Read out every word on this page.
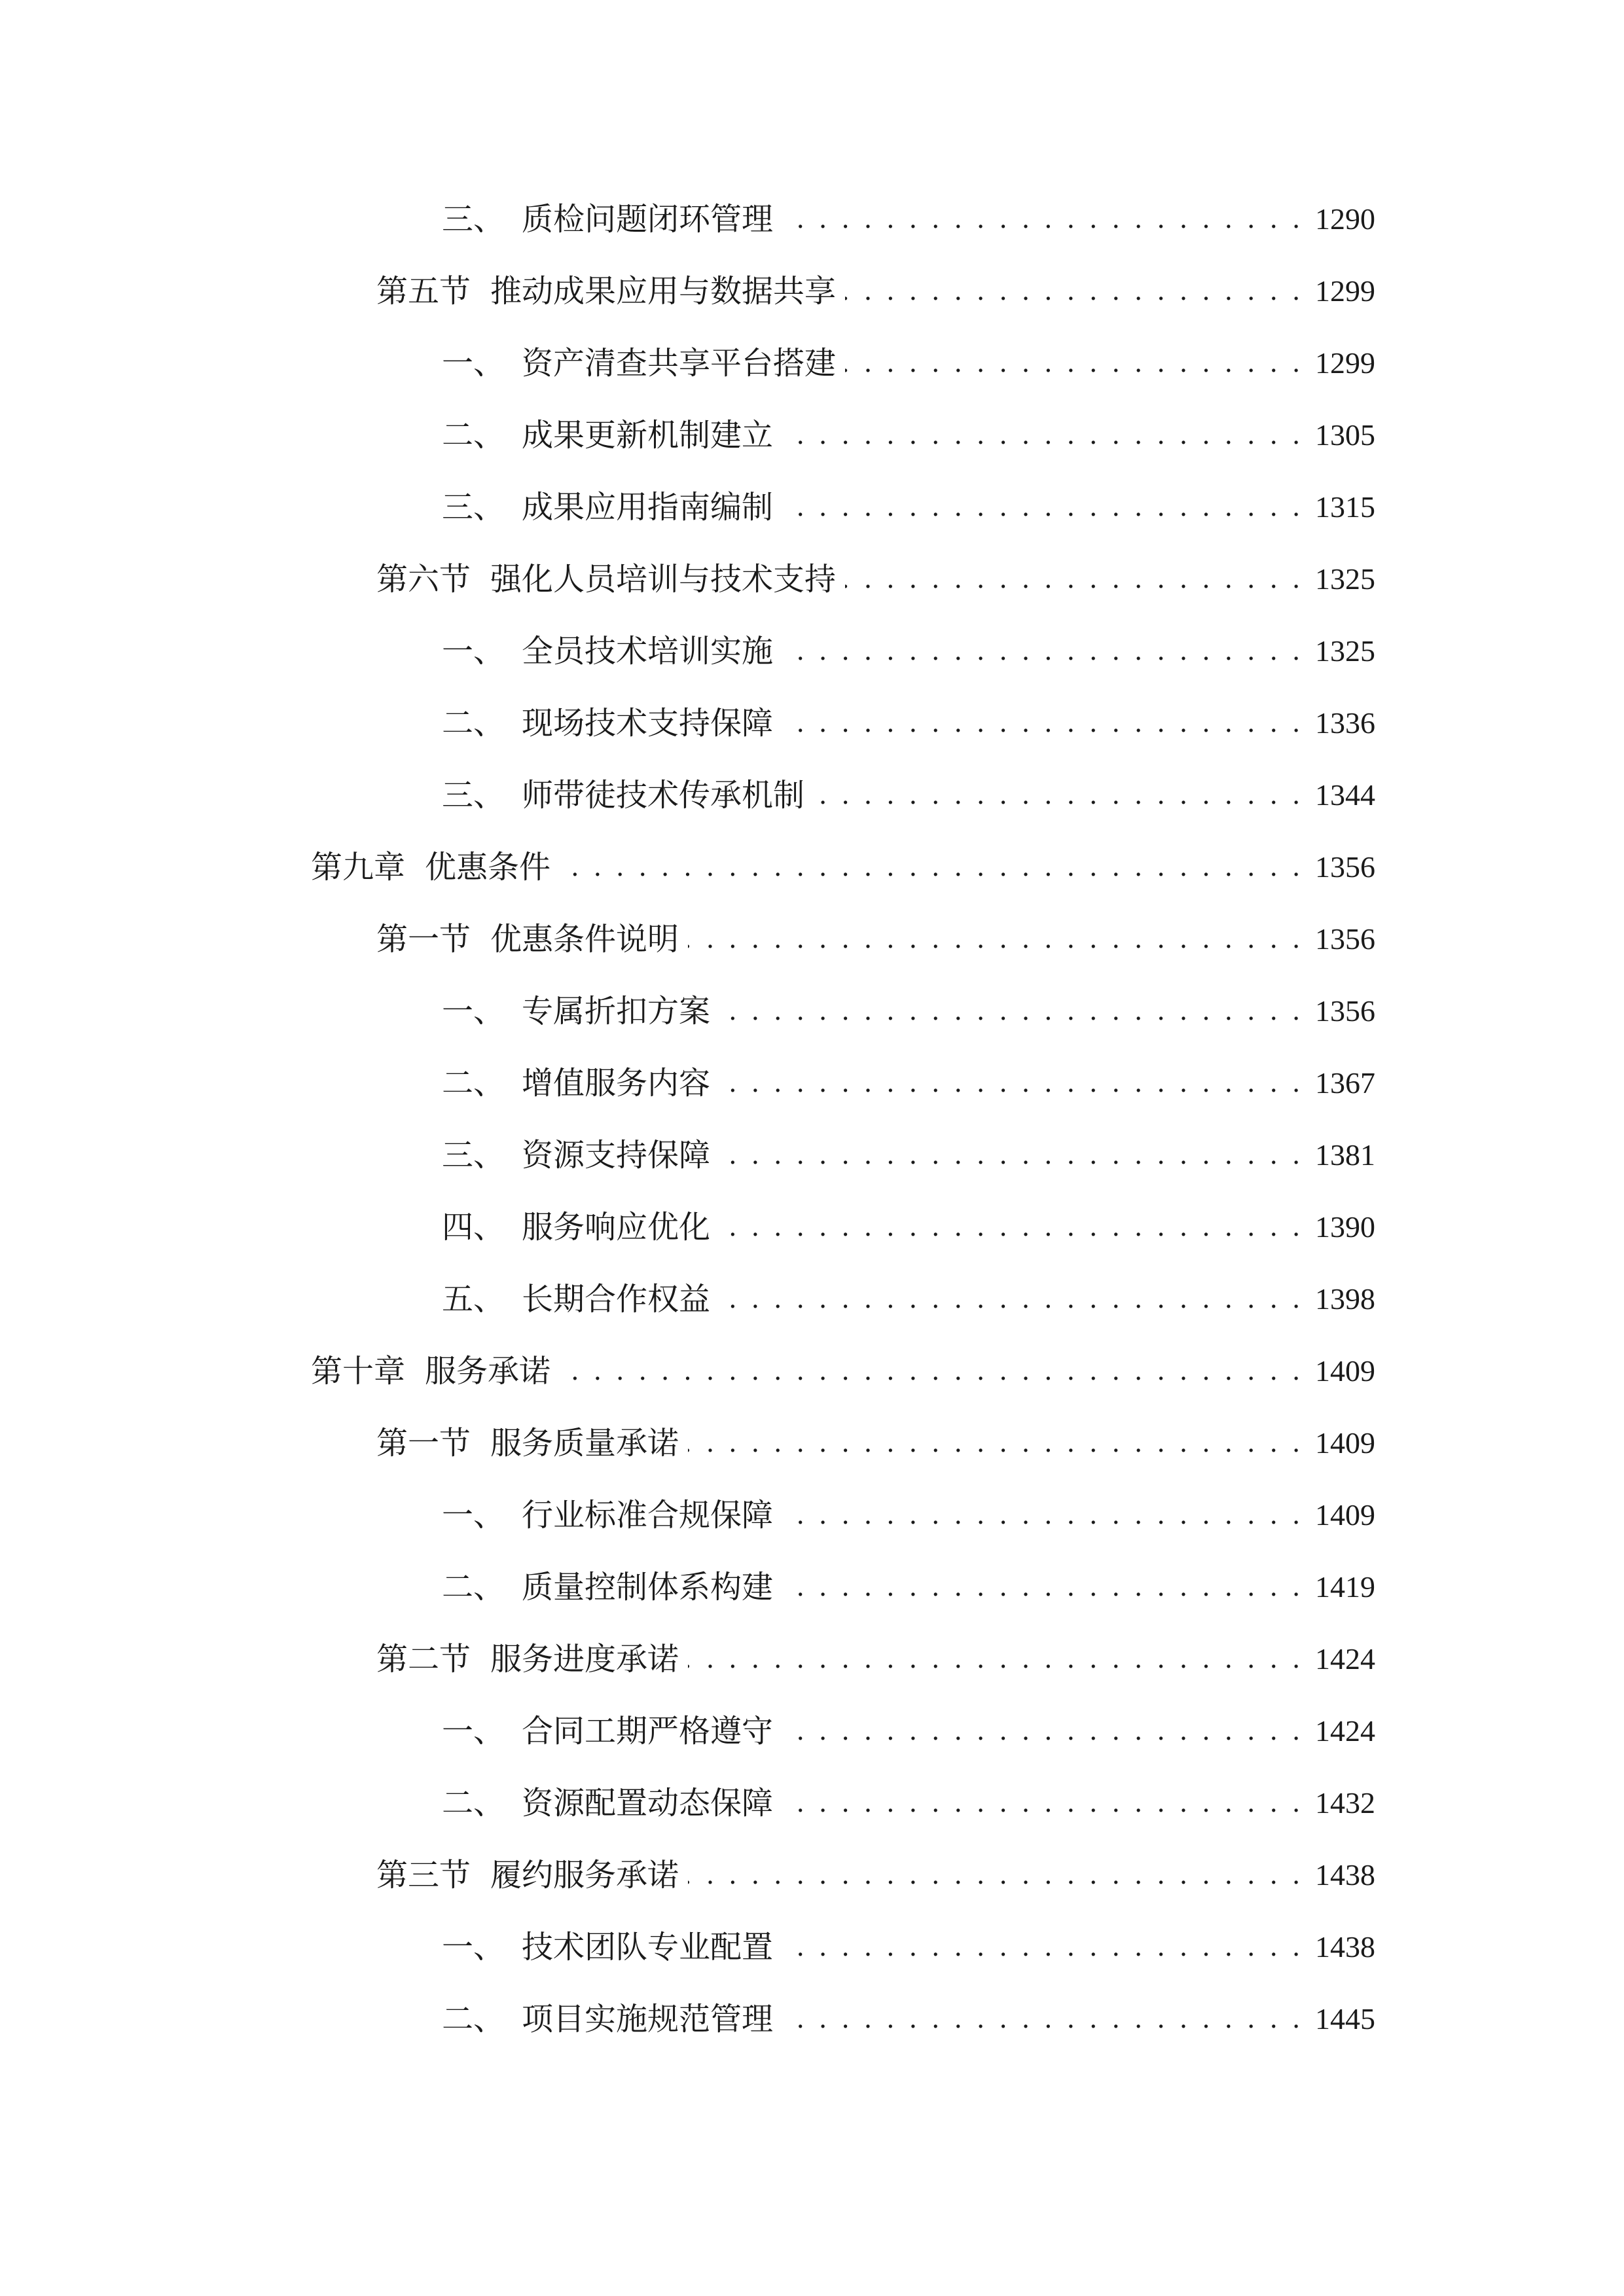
三、 质检问题闭环管理 . . .	1290
第五节 推动成果应用与数据共享 . . .	1299
一、 资产清查共享平台搭建 . . .	1299
二、 成果更新机制建立 . . .	1305
三、 成果应用指南编制 . . .	1315
第六节 强化人员培训与技术支持 . . .	1325
一、 全员技术培训实施 . . .	1325
二、 现场技术支持保障 . . .	1336
三、 师带徒技术传承机制 . . .	1344
第九章 优惠条件 . . .	1356
第一节 优惠条件说明 . . .	1356
一、 专属折扣方案 . . .	1356
二、 增值服务内容 . . .	1367
三、 资源支持保障 . . .	1381
四、 服务响应优化 . . .	1390
五、 长期合作权益 . . .	1398
第十章 服务承诺 . . .	1409
第一节 服务质量承诺 . . .	1409
一、 行业标准合规保障 . . .	1409
二、 质量控制体系构建 . . .	1419
第二节 服务进度承诺 . . .	1424
一、 合同工期严格遵守 . . .	1424
二、 资源配置动态保障 . . .	1432
第三节 履约服务承诺 . . .	1438
一、 技术团队专业配置 . . .	1438
二、 项目实施规范管理 . . .	1445
